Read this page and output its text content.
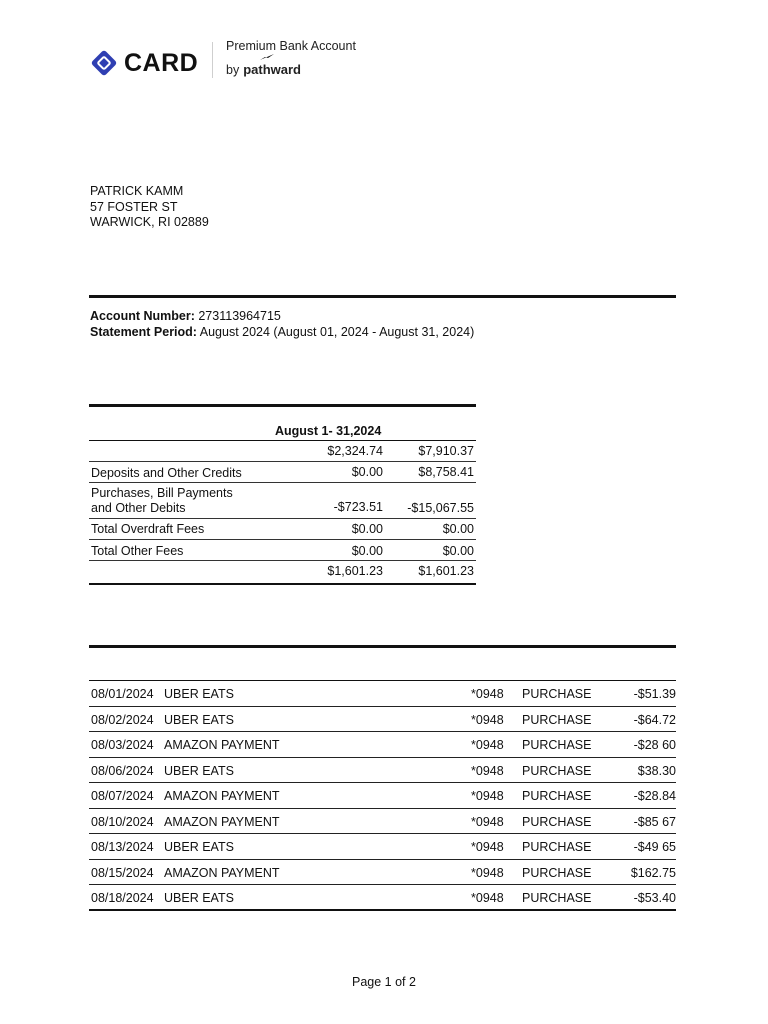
CARD
Premium Bank Account
by pathward
PATRICK KAMM
57 FOSTER ST
WARWICK, RI 02889
Account Number: 273113964715
Statement Period: August 2024 (August 01, 2024 - August 31, 2024)
August 1- 31,2024
$2,324.74	$7,910.37
Deposits and Other Credits	$0.00	$8,758.41
Purchases, Bill Payments
and Other Debits	-$723.51	-$15,067.55
Total Overdraft Fees	$0.00	$0.00
Total Other Fees	$0.00	$0.00
$1,601.23	$1,601.23
08/01/2024 UBER EATS	*0948 PURCHASE	-$51.39
08/02/2024 UBER EATS	*0948 PURCHASE	-$64.72
08/03/2024 AMAZON PAYMENT	*0948 PURCHASE	-$28 60
08/06/2024 UBER EATS	*0948 PURCHASE	$38.30
08/07/2024 AMAZON PAYMENT	*0948 PURCHASE	-$28.84
08/10/2024 AMAZON PAYMENT	*0948 PURCHASE	-$85 67
08/13/2024 UBER EATS	*0948 PURCHASE	-$49 65
08/15/2024 AMAZON PAYMENT	*0948 PURCHASE	$162.75
08/18/2024 UBER EATS	*0948 PURCHASE	-$53.40
Page 1 of 2
